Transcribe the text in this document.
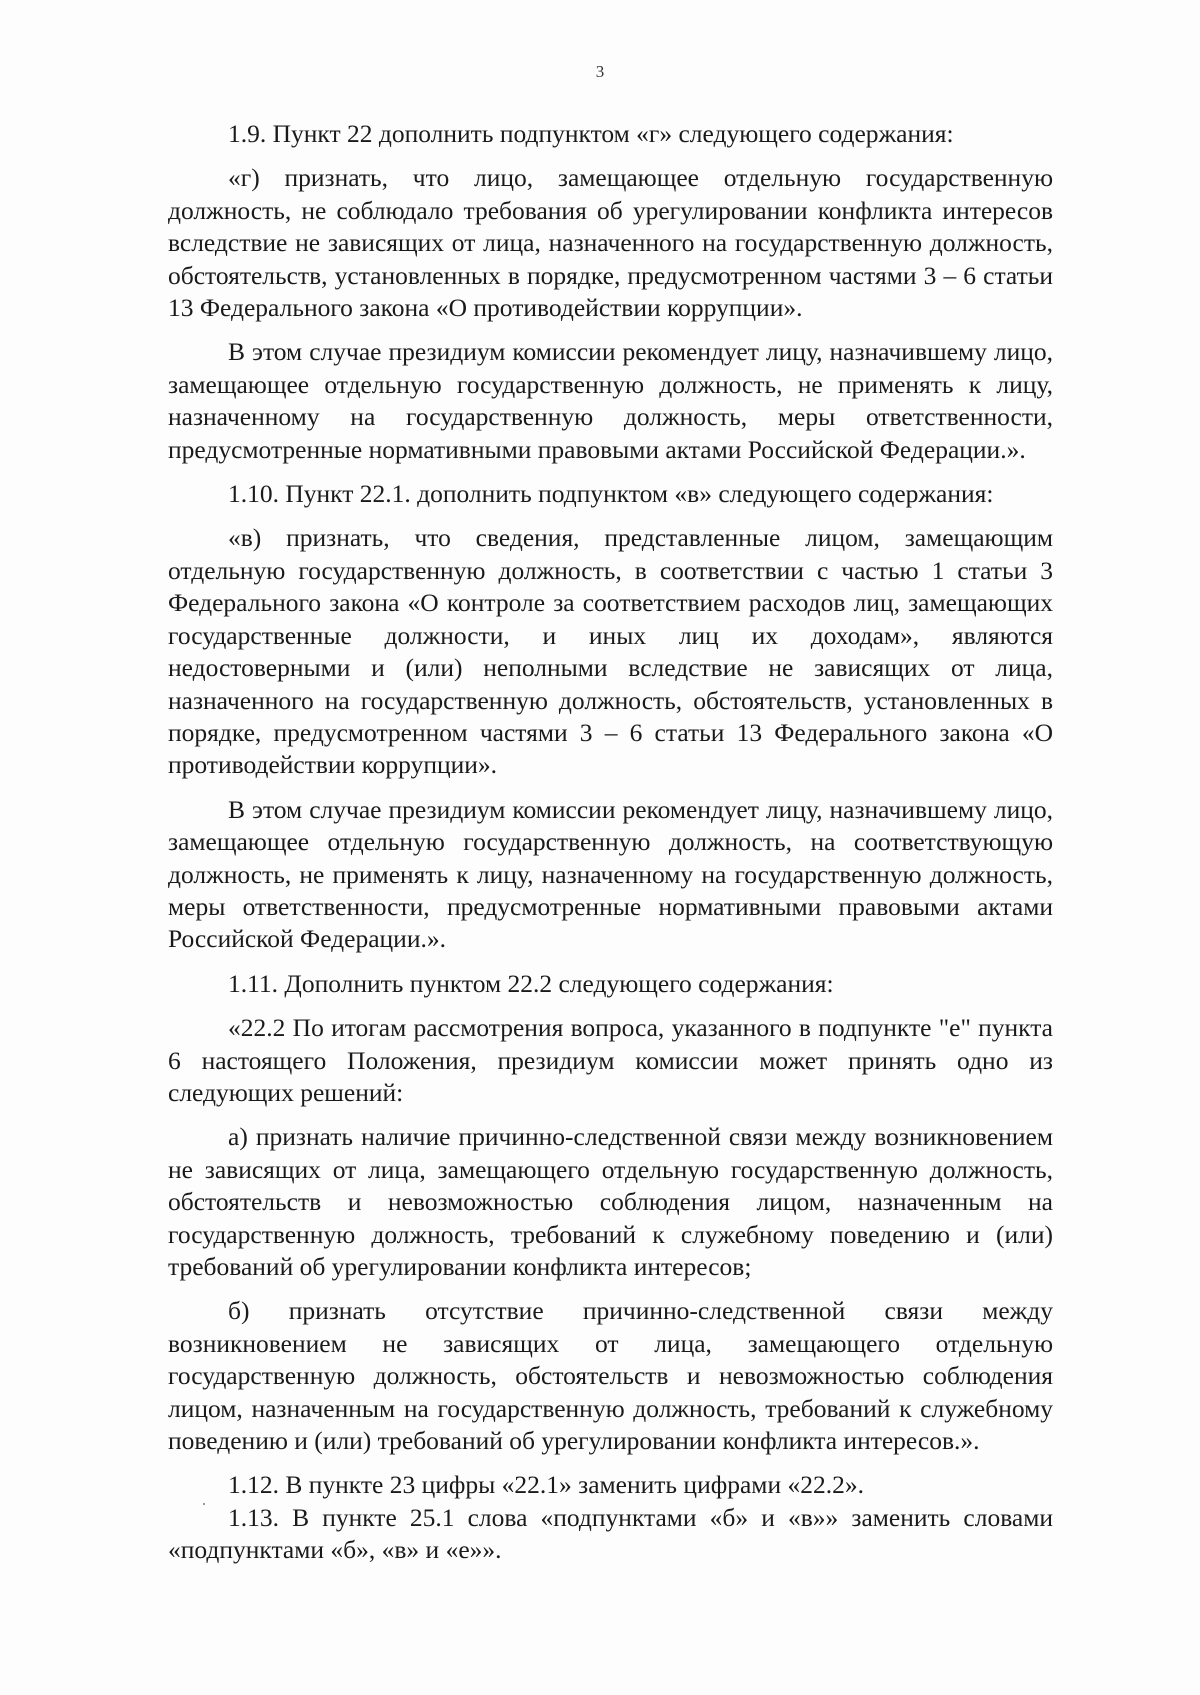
3

1.9. Пункт 22 дополнить подпунктом «г» следующего содержания:

«г) признать, что лицо, замещающее отдельную государственную должность, не соблюдало требования об урегулировании конфликта интересов вследствие не зависящих от лица, назначенного на государственную должность, обстоятельств, установленных в порядке, предусмотренном частями 3 – 6 статьи 13 Федерального закона «О противодействии коррупции».

В этом случае президиум комиссии рекомендует лицу, назначившему лицо, замещающее отдельную государственную должность, не применять к лицу, назначенному на государственную должность, меры ответственности, предусмотренные нормативными правовыми актами Российской Федерации.».

1.10. Пункт 22.1. дополнить подпунктом «в» следующего содержания:

«в) признать, что сведения, представленные лицом, замещающим отдельную государственную должность, в соответствии с частью 1 статьи 3 Федерального закона «О контроле за соответствием расходов лиц, замещающих государственные должности, и иных лиц их доходам», являются недостоверными и (или) неполными вследствие не зависящих от лица, назначенного на государственную должность, обстоятельств, установленных в порядке, предусмотренном частями 3 – 6 статьи 13 Федерального закона «О противодействии коррупции».

В этом случае президиум комиссии рекомендует лицу, назначившему лицо, замещающее отдельную государственную должность, на соответствующую должность, не применять к лицу, назначенному на государственную должность, меры ответственности, предусмотренные нормативными правовыми актами Российской Федерации.».

1.11. Дополнить пунктом 22.2 следующего содержания:

«22.2 По итогам рассмотрения вопроса, указанного в подпункте "е" пункта 6 настоящего Положения, президиум комиссии может принять одно из следующих решений:

а) признать наличие причинно-следственной связи между возникновением не зависящих от лица, замещающего отдельную государственную должность, обстоятельств и невозможностью соблюдения лицом, назначенным на государственную должность, требований к служебному поведению и (или) требований об урегулировании конфликта интересов;

б) признать отсутствие причинно-следственной связи между возникновением не зависящих от лица, замещающего отдельную государственную должность, обстоятельств и невозможностью соблюдения лицом, назначенным на государственную должность, требований к служебному поведению и (или) требований об урегулировании конфликта интересов.».

1.12. В пункте 23 цифры «22.1» заменить цифрами «22.2».

1.13. В пункте 25.1 слова «подпунктами «б» и «в»» заменить словами «подпунктами «б», «в» и «е»».
